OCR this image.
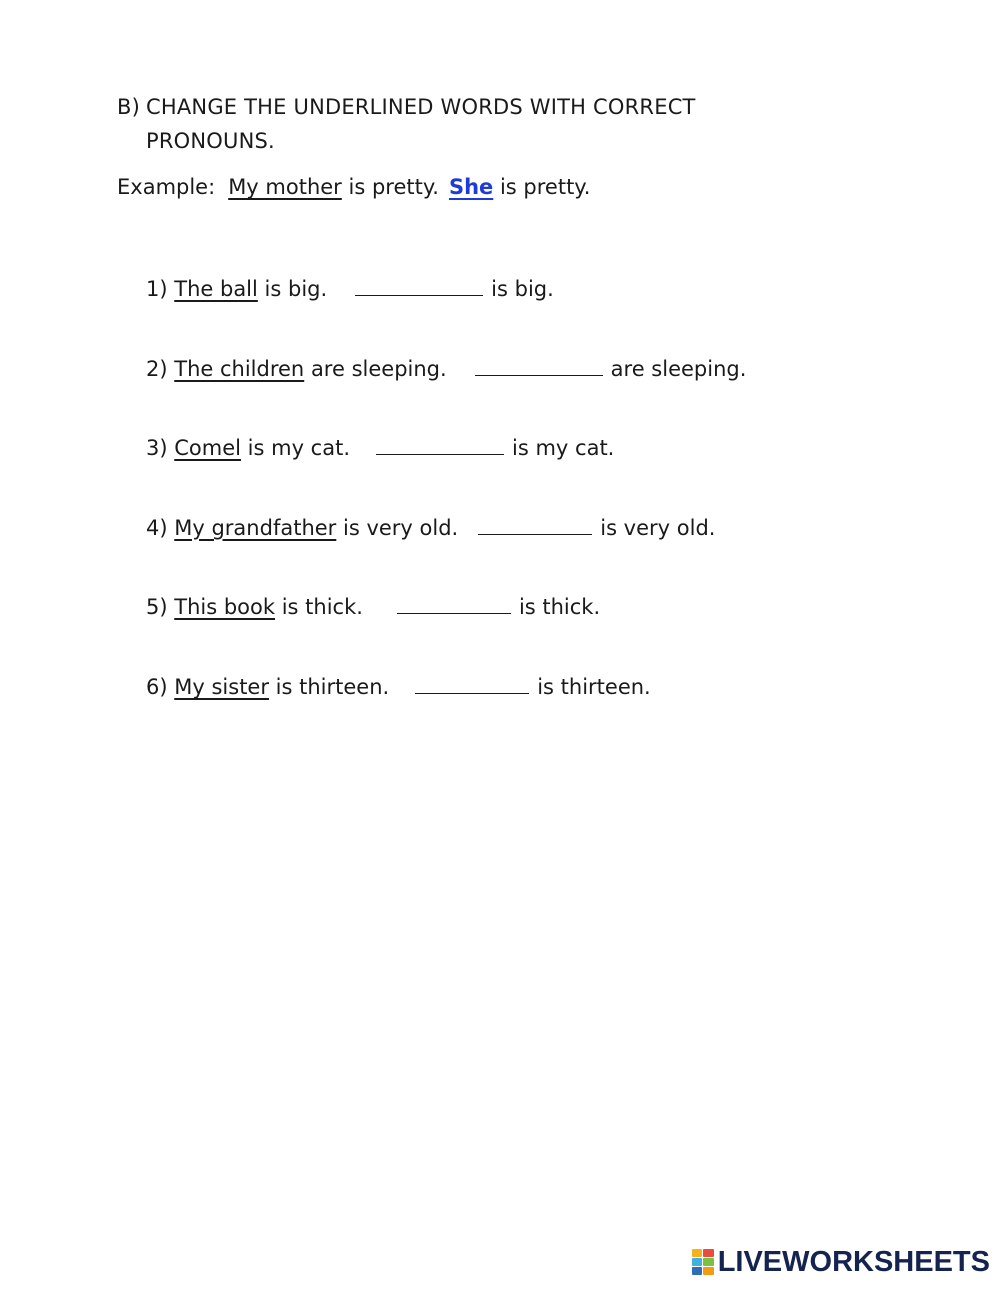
B) CHANGE THE UNDERLINED WORDS WITH CORRECT
PRONOUNS.
Example: My mother is pretty. She is pretty.
1) The ball is big.	is big.
2) The children are sleeping.	are sleeping.
3) Comel is my cat.	is my cat.
4) My grandfather is very old.	is very old.
5) This book is thick.	is thick.
6) My sister is thirteen.	is thirteen.
LIVEWORKSHEETS
